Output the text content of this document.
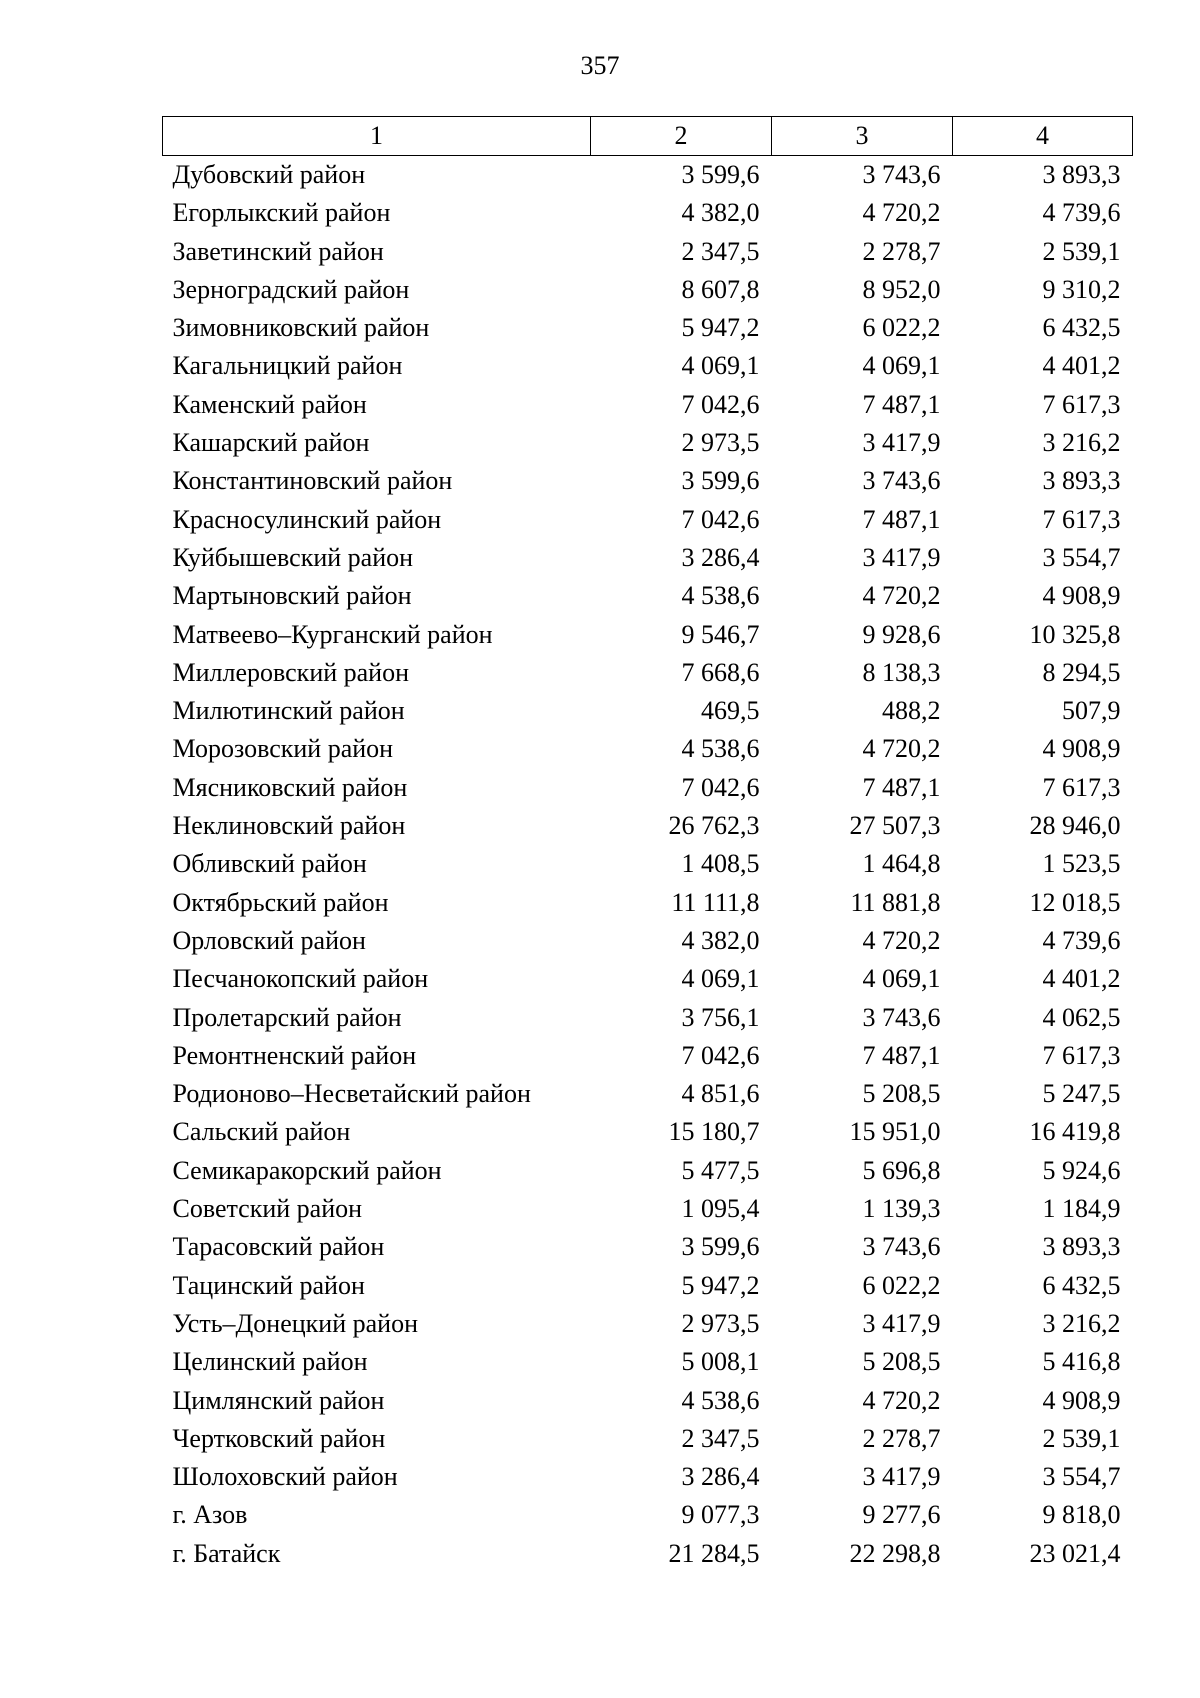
357
1	2	3	4
Дубовский район	3 599,6	3 743,6	3 893,3
Егорлыкский район	4 382,0	4 720,2	4 739,6
Заветинский район	2 347,5	2 278,7	2 539,1
Зерноградский район	8 607,8	8 952,0	9 310,2
Зимовниковский район	5 947,2	6 022,2	6 432,5
Кагальницкий район	4 069,1	4 069,1	4 401,2
Каменский район	7 042,6	7 487,1	7 617,3
Кашарский район	2 973,5	3 417,9	3 216,2
Константиновский район	3 599,6	3 743,6	3 893,3
Красносулинский район	7 042,6	7 487,1	7 617,3
Куйбышевский район	3 286,4	3 417,9	3 554,7
Мартыновский район	4 538,6	4 720,2	4 908,9
Матвеево–Курганский район	9 546,7	9 928,6	10 325,8
Миллеровский район	7 668,6	8 138,3	8 294,5
Милютинский район	469,5	488,2	507,9
Морозовский район	4 538,6	4 720,2	4 908,9
Мясниковский район	7 042,6	7 487,1	7 617,3
Неклиновский район	26 762,3	27 507,3	28 946,0
Обливский район	1 408,5	1 464,8	1 523,5
Октябрьский район	11 111,8	11 881,8	12 018,5
Орловский район	4 382,0	4 720,2	4 739,6
Песчанокопский район	4 069,1	4 069,1	4 401,2
Пролетарский район	3 756,1	3 743,6	4 062,5
Ремонтненский район	7 042,6	7 487,1	7 617,3
Родионово–Несветайский район	4 851,6	5 208,5	5 247,5
Сальский район	15 180,7	15 951,0	16 419,8
Семикаракорский район	5 477,5	5 696,8	5 924,6
Советский район	1 095,4	1 139,3	1 184,9
Тарасовский район	3 599,6	3 743,6	3 893,3
Тацинский район	5 947,2	6 022,2	6 432,5
Усть–Донецкий район	2 973,5	3 417,9	3 216,2
Целинский район	5 008,1	5 208,5	5 416,8
Цимлянский район	4 538,6	4 720,2	4 908,9
Чертковский район	2 347,5	2 278,7	2 539,1
Шолоховский район	3 286,4	3 417,9	3 554,7
г. Азов	9 077,3	9 277,6	9 818,0
г. Батайск	21 284,5	22 298,8	23 021,4
